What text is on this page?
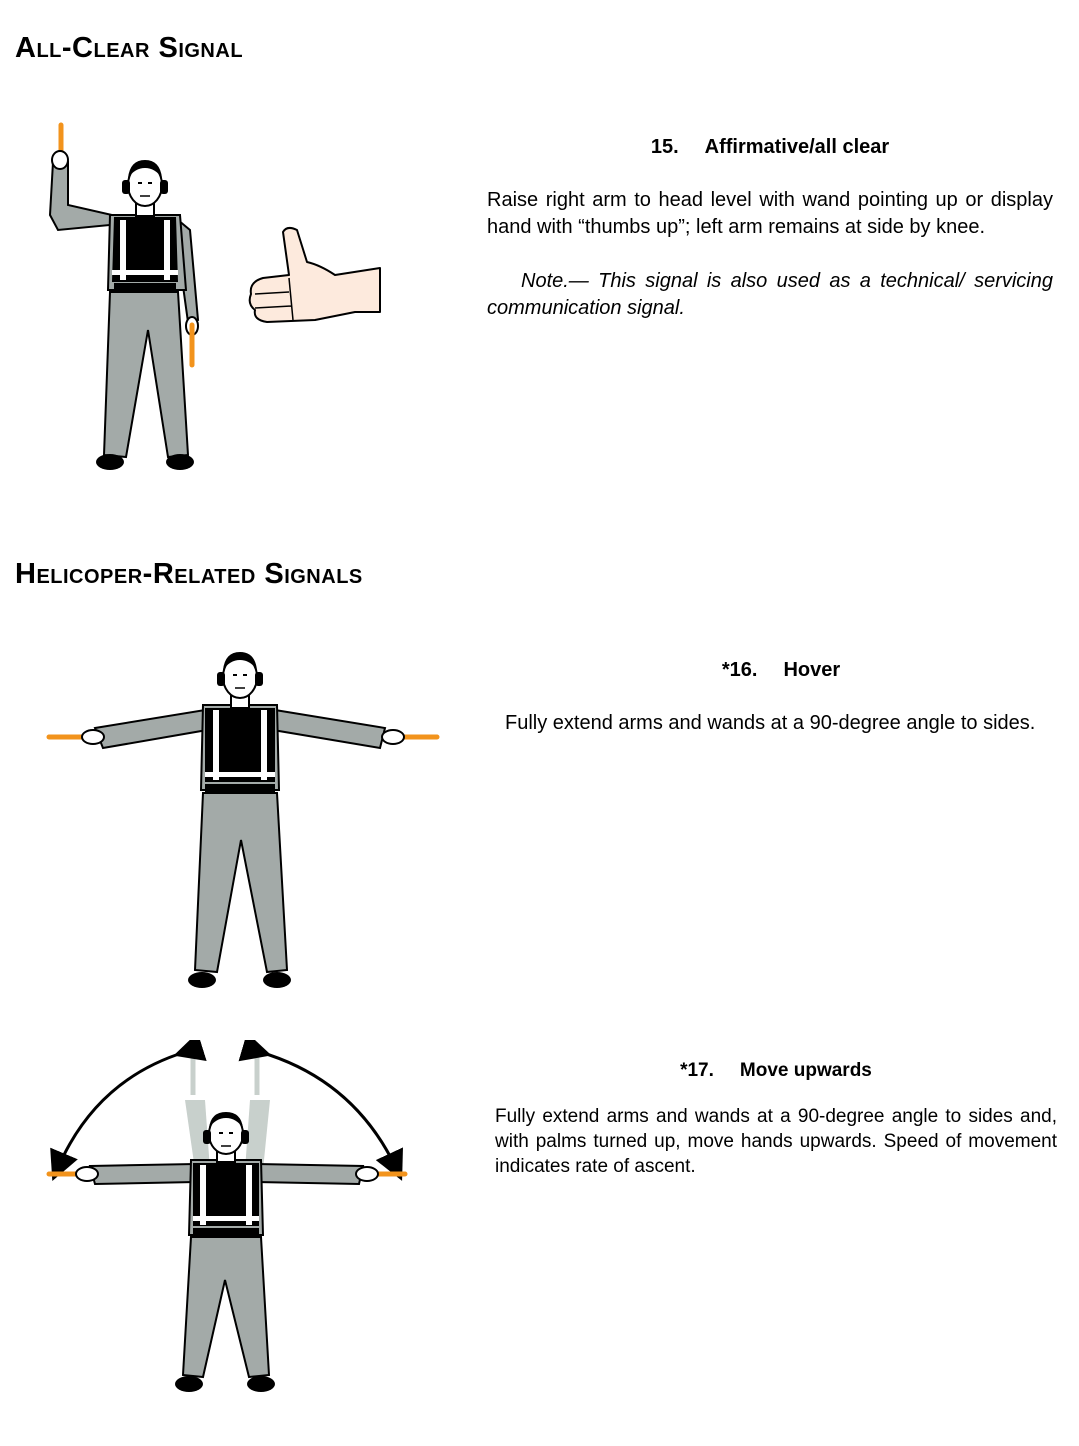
All-Clear Signal
15. Affirmative/all clear

Raise right arm to head level with wand pointing up or display hand with “thumbs up”; left arm remains at side by knee.

Note.— This signal is also used as a technical/ servicing communication signal.

Helicoper-Related Signals
*16. Hover

Fully extend arms and wands at a 90-degree angle to sides.

*17. Move upwards

Fully extend arms and wands at a 90-degree angle to sides and, with palms turned up, move hands upwards. Speed of movement indicates rate of ascent.
